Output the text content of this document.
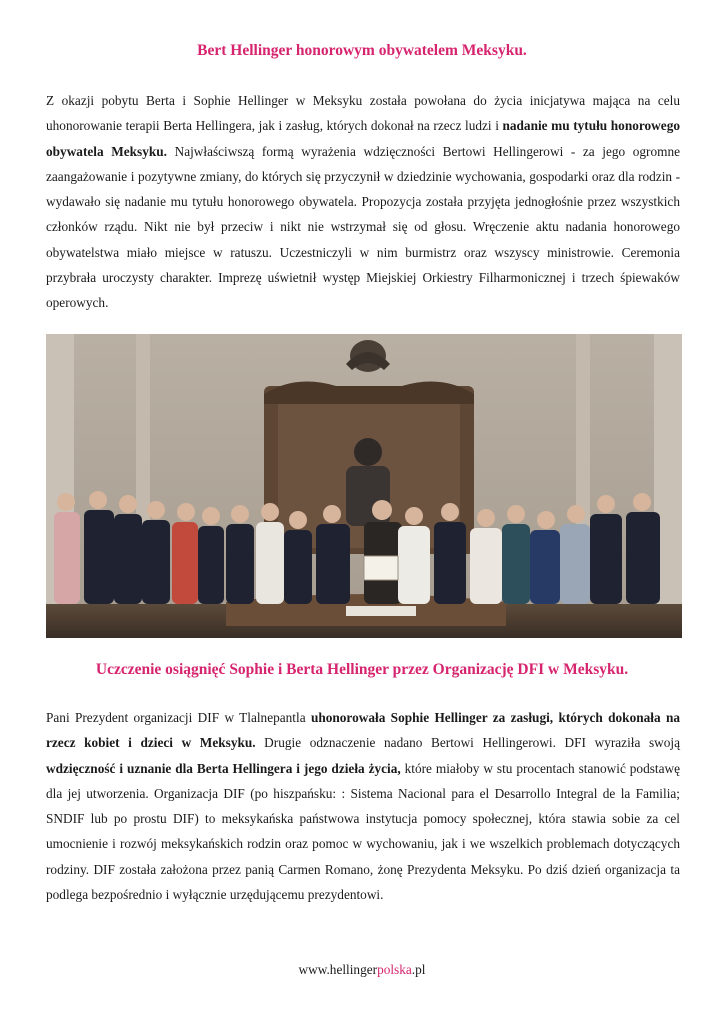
Bert Hellinger honorowym obywatelem Meksyku.

Z okazji pobytu Berta i Sophie Hellinger w Meksyku została powołana do życia inicjatywa mająca na celu uhonorowanie terapii Berta Hellingera, jak i zasług, których dokonał na rzecz ludzi i nadanie mu tytułu honorowego obywatela Meksyku. Najwłaściwszą formą wyrażenia wdzięczności Bertowi Hellingerowi - za jego ogromne zaangażowanie i pozytywne zmiany, do których się przyczynił w dziedzinie wychowania, gospodarki oraz dla rodzin - wydawało się nadanie mu tytułu honorowego obywatela. Propozycja została przyjęta jednogłośnie przez wszystkich członków rządu. Nikt nie był przeciw i nikt nie wstrzymał się od głosu. Wręczenie aktu nadania honorowego obywatelstwa miało miejsce w ratuszu. Uczestniczyli w nim burmistrz oraz wszyscy ministrowie. Ceremonia przybrała uroczysty charakter. Imprezę uświetnił występ Miejskiej Orkiestry Filharmonicznej i trzech śpiewaków operowych.

Uczczenie osiągnięć Sophie i Berta Hellinger przez Organizację DFI w Meksyku.

Pani Prezydent organizacji DIF w Tlalnepantla uhonorowała Sophie Hellinger za zasługi, których dokonała na rzecz kobiet i dzieci w Meksyku. Drugie odznaczenie nadano Bertowi Hellingerowi. DFI wyraziła swoją wdzięczność i uznanie dla Berta Hellingera i jego dzieła życia, które miałoby w stu procentach stanowić podstawę dla jej utworzenia. Organizacja DIF (po hiszpańsku: : Sistema Nacional para el Desarrollo Integral de la Familia; SNDIF lub po prostu DIF) to meksykańska państwowa instytucja pomocy społecznej, która stawia sobie za cel umocnienie i rozwój meksykańskich rodzin oraz pomoc w wychowaniu, jak i we wszelkich problemach dotyczących rodziny. DIF została założona przez panią Carmen Romano, żonę Prezydenta Meksyku. Po dziś dzień organizacja ta podlega bezpośrednio i wyłącznie urzędującemu prezydentowi.

www.hellingerpolska.pl
